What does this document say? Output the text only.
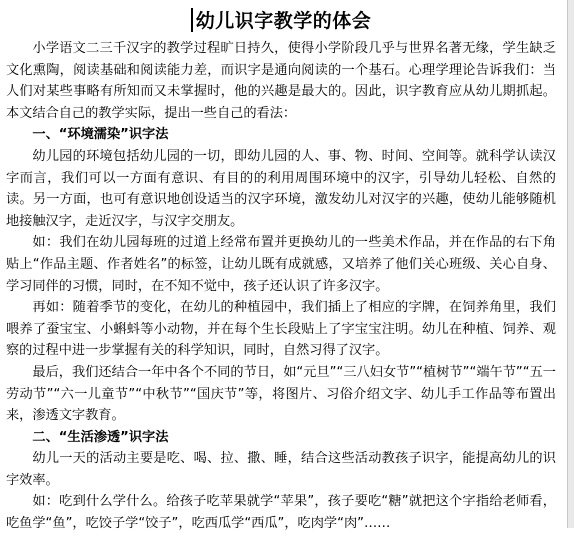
幼儿识字教学的体会

小学语文二三千汉字的教学过程旷日持久，使得小学阶段几乎与世界名著无缘，学生缺乏文化熏陶，阅读基础和阅读能力差，而识字是通向阅读的一个基石。心理学理论告诉我们：当人们对某些事略有所知而又未掌握时，他的兴趣是最大的。因此，识字教育应从幼儿期抓起。本文结合自己的教学实际，提出一些自己的看法：

一、“环境濡染”识字法

幼儿园的环境包括幼儿园的一切，即幼儿园的人、事、物、时间、空间等。就科学认读汉字而言，我们可以一方面有意识、有目的的利用周围环境中的汉字，引导幼儿轻松、自然的读。另一方面，也可有意识地创设适当的汉字环境，激发幼儿对汉字的兴趣，使幼儿能够随机地接触汉字，走近汉字，与汉字交朋友。

如：我们在幼儿园每班的过道上经常布置并更换幼儿的一些美术作品，并在作品的右下角贴上“作品主题、作者姓名”的标签，让幼儿既有成就感，又培养了他们关心班级、关心自身、学习同伴的习惯，同时，在不知不觉中，孩子还认识了许多汉字。

再如：随着季节的变化，在幼儿的种植园中，我们插上了相应的字牌，在饲养角里，我们喂养了蚕宝宝、小蝌蚪等小动物，并在每个生长段贴上了字宝宝注明。幼儿在种植、饲养、观察的过程中进一步掌握有关的科学知识，同时，自然习得了汉字。

最后，我们还结合一年中各个不同的节日，如“元旦”“三八妇女节”“植树节”“端午节”“五一劳动节”“六一儿童节”“中秋节”“国庆节”等，将图片、习俗介绍文字、幼儿手工作品等布置出来，渗透文字教育。

二、“生活渗透”识字法

幼儿一天的活动主要是吃、喝、拉、撒、睡，结合这些活动教孩子识字，能提高幼儿的识字效率。

如：吃到什么学什么。给孩子吃苹果就学“苹果”，孩子要吃“糖”就把这个字指给老师看，吃鱼学“鱼”，吃饺子学“饺子”，吃西瓜学“西瓜”，吃肉学“肉”……
